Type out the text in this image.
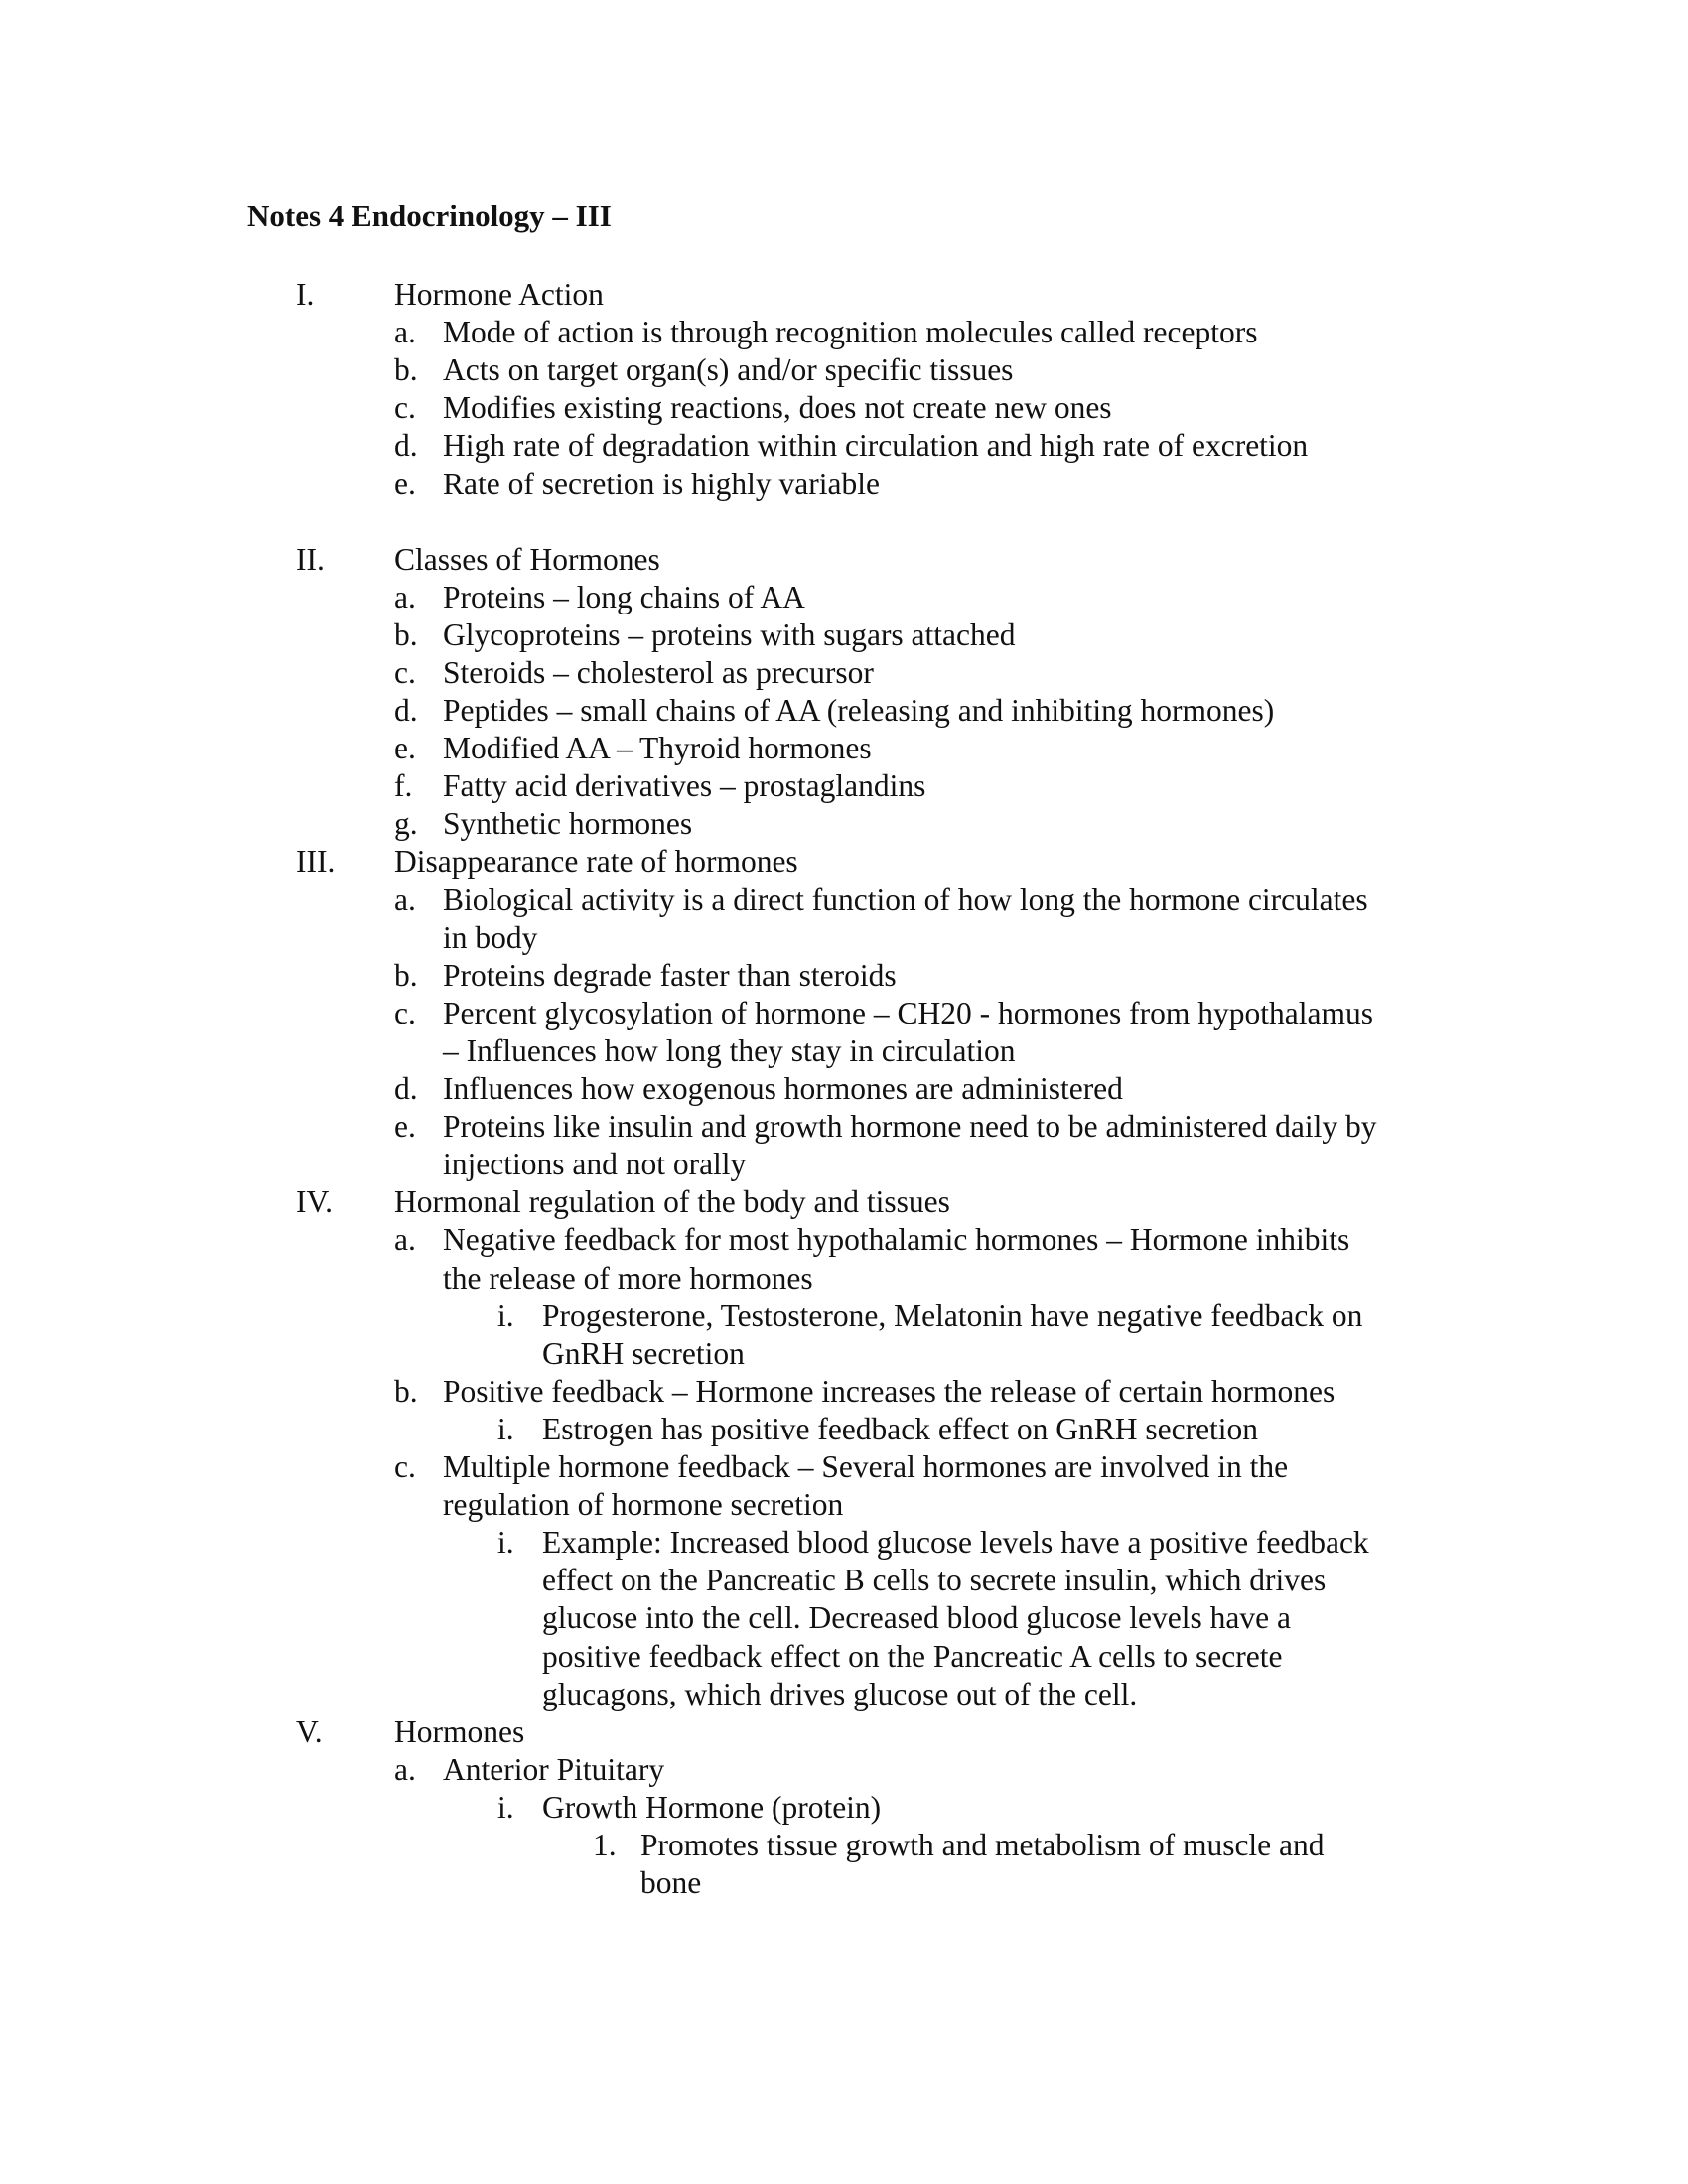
Notes 4 Endocrinology – III
I.	Hormone Action
a. Mode of action is through recognition molecules called receptors
b. Acts on target organ(s) and/or specific tissues
c. Modifies existing reactions, does not create new ones
d. High rate of degradation within circulation and high rate of excretion
e. Rate of secretion is highly variable
II. Classes of Hormones
a. Proteins – long chains of AA
b. Glycoproteins – proteins with sugars attached
c. Steroids – cholesterol as precursor
d. Peptides – small chains of AA (releasing and inhibiting hormones)
e. Modified AA – Thyroid hormones
f. Fatty acid derivatives – prostaglandins
g. Synthetic hormones
III. Disappearance rate of hormones
a. Biological activity is a direct function of how long the hormone circulates
in body
b. Proteins degrade faster than steroids
c. Percent glycosylation of hormone – CH20 - hormones from hypothalamus
– Influences how long they stay in circulation
d. Influences how exogenous hormones are administered
e. Proteins like insulin and growth hormone need to be administered daily by
injections and not orally
IV. Hormonal regulation of the body and tissues
a. Negative feedback for most hypothalamic hormones – Hormone inhibits
the release of more hormones
i. Progesterone, Testosterone, Melatonin have negative feedback on
GnRH secretion
b. Positive feedback – Hormone increases the release of certain hormones
i. Estrogen has positive feedback effect on GnRH secretion
c. Multiple hormone feedback – Several hormones are involved in the
regulation of hormone secretion
i. Example: Increased blood glucose levels have a positive feedback
effect on the Pancreatic B cells to secrete insulin, which drives
glucose into the cell. Decreased blood glucose levels have a
positive feedback effect on the Pancreatic A cells to secrete
glucagons, which drives glucose out of the cell.
V. Hormones
a. Anterior Pituitary
i. Growth Hormone (protein)
1. Promotes tissue growth and metabolism of muscle and
bone
